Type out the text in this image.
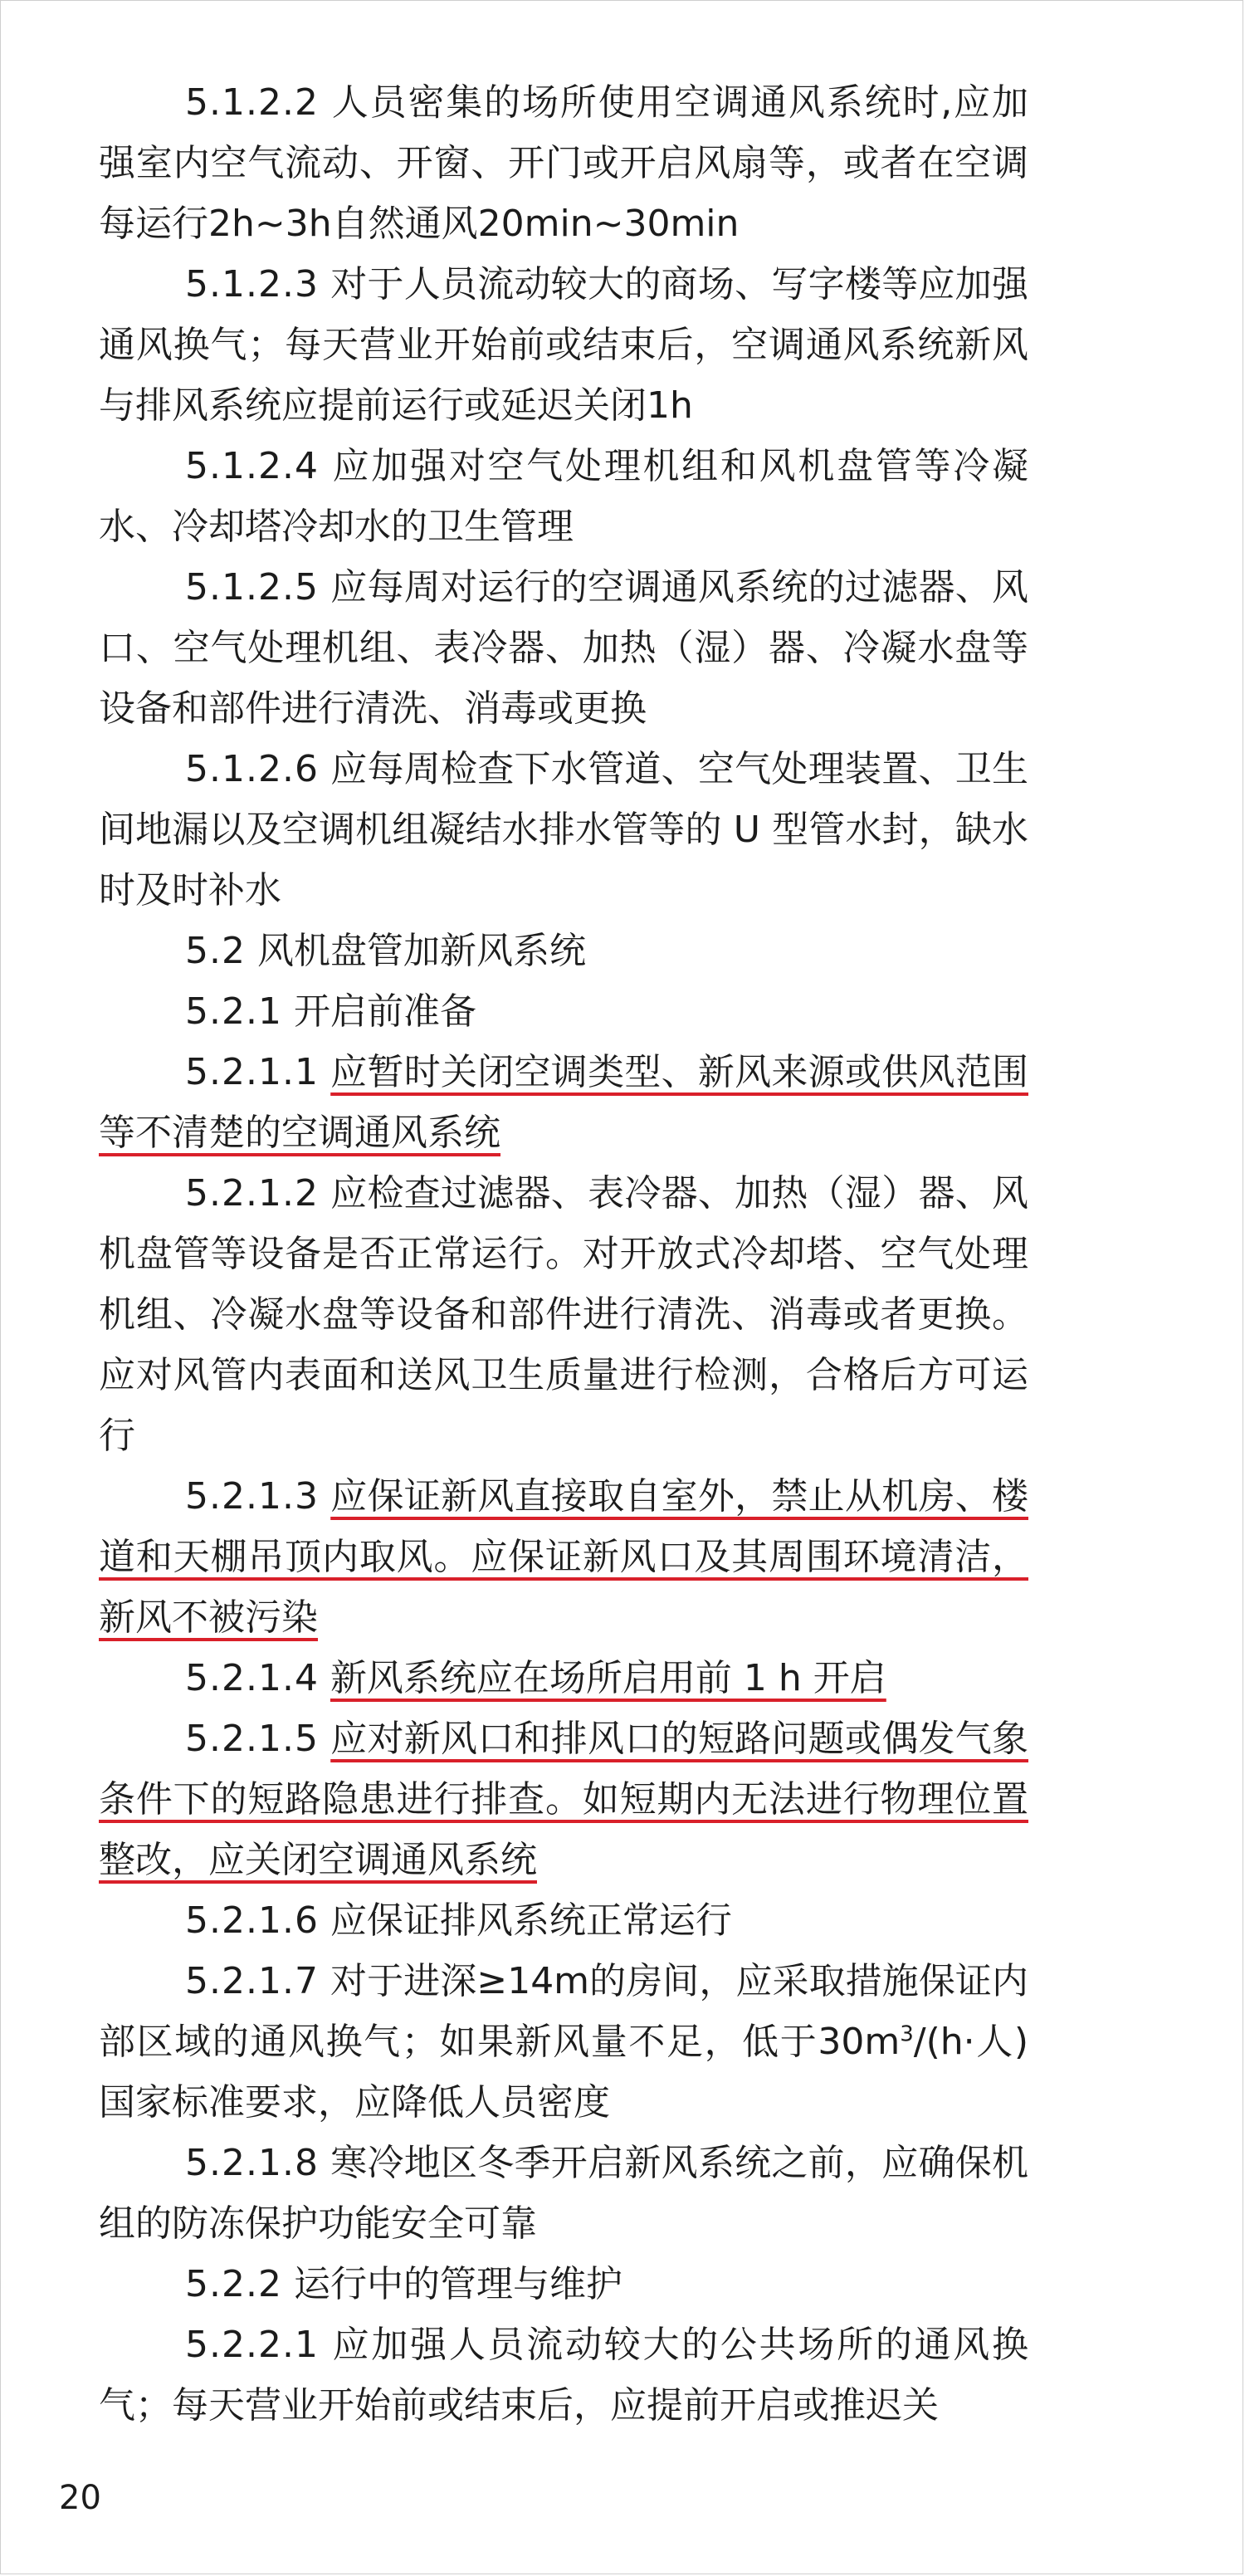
5.1.2.2 人员密集的场所使用空调通风系统时,应加强室内空气流动、开窗、开门或开启风扇等，或者在空调每运行2h~3h自然通风20min~30min

5.1.2.3 对于人员流动较大的商场、写字楼等应加强通风换气；每天营业开始前或结束后，空调通风系统新风与排风系统应提前运行或延迟关闭1h

5.1.2.4 应加强对空气处理机组和风机盘管等冷凝水、冷却塔冷却水的卫生管理

5.1.2.5 应每周对运行的空调通风系统的过滤器、风口、空气处理机组、表冷器、加热（湿）器、冷凝水盘等设备和部件进行清洗、消毒或更换

5.1.2.6 应每周检查下水管道、空气处理装置、卫生间地漏以及空调机组凝结水排水管等的 U 型管水封，缺水时及时补水

5.2 风机盘管加新风系统

5.2.1 开启前准备

5.2.1.1 应暂时关闭空调类型、新风来源或供风范围等不清楚的空调通风系统

5.2.1.2 应检查过滤器、表冷器、加热（湿）器、风机盘管等设备是否正常运行。对开放式冷却塔、空气处理机组、冷凝水盘等设备和部件进行清洗、消毒或者更换。应对风管内表面和送风卫生质量进行检测，合格后方可运行

5.2.1.3 应保证新风直接取自室外，禁止从机房、楼道和天棚吊顶内取风。应保证新风口及其周围环境清洁，新风不被污染

5.2.1.4 新风系统应在场所启用前 1 h 开启

5.2.1.5 应对新风口和排风口的短路问题或偶发气象条件下的短路隐患进行排查。如短期内无法进行物理位置整改，应关闭空调通风系统

5.2.1.6 应保证排风系统正常运行

5.2.1.7 对于进深≥14m的房间，应采取措施保证内部区域的通风换气；如果新风量不足，低于$30m^3/(h\cdot$人)国家标准要求，应降低人员密度

5.2.1.8 寒冷地区冬季开启新风系统之前，应确保机组的防冻保护功能安全可靠

5.2.2 运行中的管理与维护

5.2.2.1 应加强人员流动较大的公共场所的通风换气；每天营业开始前或结束后，应提前开启或推迟关

20
